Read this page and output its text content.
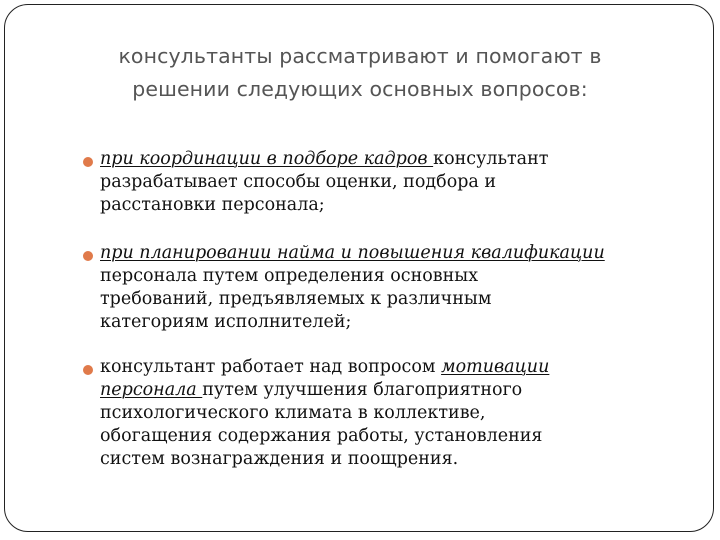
консультанты рассматривают и помогают в
решении следующих основных вопросов:
при координации в подборе кадров консультант
разрабатывает способы оценки, подбора и
расстановки персонала;
при планировании найма и повышения квалификации
персонала путем определения основных
требований, предъявляемых к различным
категориям исполнителей;
консультант работает над вопросом мотивации
персонала путем улучшения благоприятного
психологического климата в коллективе,
обогащения содержания работы, установления
систем вознаграждения и поощрения.
